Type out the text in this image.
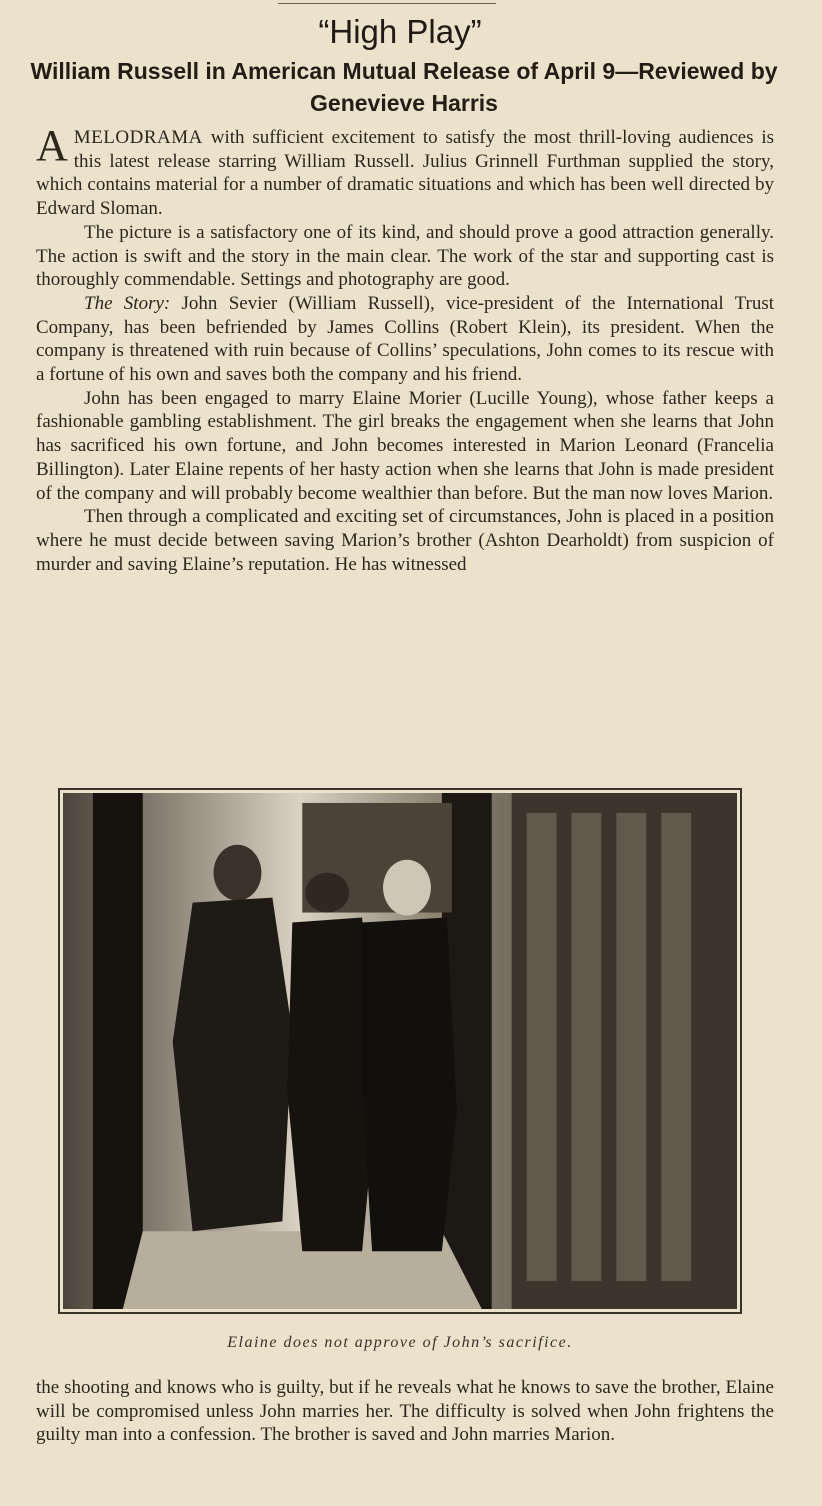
“High Play”
William Russell in American Mutual Release of April 9—Reviewed by Genevieve Harris

AMELODRAMA with sufficient excitement to satisfy the most thrill-loving audiences is this latest release starring William Russell. Julius Grinnell Furthman supplied the story, which contains material for a number of dramatic situations and which has been well directed by Edward Sloman.

The picture is a satisfactory one of its kind, and should prove a good attraction generally. The action is swift and the story in the main clear. The work of the star and supporting cast is thoroughly commendable. Settings and photography are good.

The Story: John Sevier (William Russell), vice-president of the International Trust Company, has been befriended by James Collins (Robert Klein), its president. When the company is threatened with ruin because of Collins’ speculations, John comes to its rescue with a fortune of his own and saves both the company and his friend.

John has been engaged to marry Elaine Morier (Lucille Young), whose father keeps a fashionable gambling establishment. The girl breaks the engagement when she learns that John has sacrificed his own fortune, and John becomes interested in Marion Leonard (Francelia Billington). Later Elaine repents of her hasty action when she learns that John is made president of the company and will probably become wealthier than before. But the man now loves Marion.

Then through a complicated and exciting set of circumstances, John is placed in a position where he must decide between saving Marion’s brother (Ashton Dearholdt) from suspicion of murder and saving Elaine’s reputation. He has witnessed

Elaine does not approve of John’s sacrifice.

the shooting and knows who is guilty, but if he reveals what he knows to save the brother, Elaine will be compromised unless John marries her. The difficulty is solved when John frightens the guilty man into a confession. The brother is saved and John marries Marion.
